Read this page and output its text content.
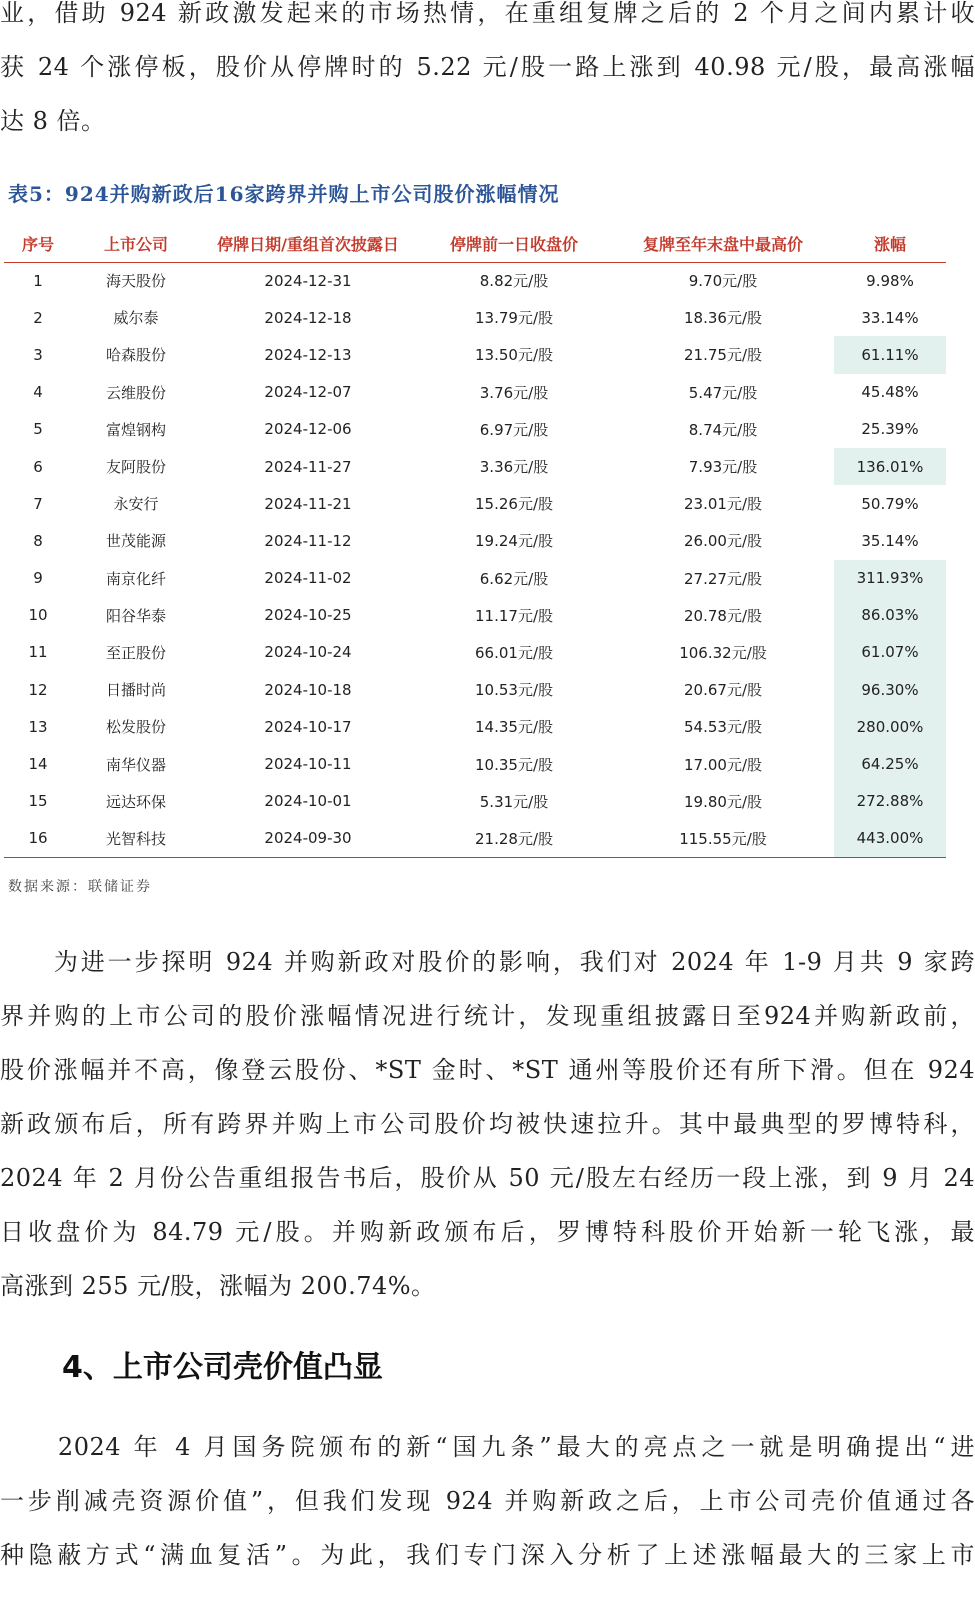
业，借助 924 新政激发起来的市场热情，在重组复牌之后的 2 个月之间内累计收
获 24 个涨停板，股价从停牌时的 5.22 元/股一路上涨到 40.98 元/股，最高涨幅
达 8 倍。

表5：924并购新政后16家跨界并购上市公司股价涨幅情况

序号	上市公司	停牌日期/重组首次披露日	停牌前一日收盘价	复牌至年末盘中最高价	涨幅
1	海天股份	2024-12-31	8.82元/股	9.70元/股	9.98%
2	威尔泰	2024-12-18	13.79元/股	18.36元/股	33.14%
3	哈森股份	2024-12-13	13.50元/股	21.75元/股	61.11%
4	云维股份	2024-12-07	3.76元/股	5.47元/股	45.48%
5	富煌钢构	2024-12-06	6.97元/股	8.74元/股	25.39%
6	友阿股份	2024-11-27	3.36元/股	7.93元/股	136.01%
7	永安行	2024-11-21	15.26元/股	23.01元/股	50.79%
8	世茂能源	2024-11-12	19.24元/股	26.00元/股	35.14%
9	南京化纤	2024-11-02	6.62元/股	27.27元/股	311.93%
10	阳谷华泰	2024-10-25	11.17元/股	20.78元/股	86.03%
11	至正股份	2024-10-24	66.01元/股	106.32元/股	61.07%
12	日播时尚	2024-10-18	10.53元/股	20.67元/股	96.30%
13	松发股份	2024-10-17	14.35元/股	54.53元/股	280.00%
14	南华仪器	2024-10-11	10.35元/股	17.00元/股	64.25%
15	远达环保	2024-10-01	5.31元/股	19.80元/股	272.88%
16	光智科技	2024-09-30	21.28元/股	115.55元/股	443.00%

数据来源：联储证券

　　为进一步探明 924 并购新政对股价的影响，我们对 2024 年 1-9 月共 9 家跨
界并购的上市公司的股价涨幅情况进行统计，发现重组披露日至924并购新政前，
股价涨幅并不高，像登云股份、*ST 金时、*ST 通州等股价还有所下滑。但在 924
新政颁布后，所有跨界并购上市公司股价均被快速拉升。其中最典型的罗博特科，
2024 年 2 月份公告重组报告书后，股价从 50 元/股左右经历一段上涨，到 9 月 24
日收盘价为 84.79 元/股。并购新政颁布后，罗博特科股价开始新一轮飞涨，最
高涨到 255 元/股，涨幅为 200.74%。
4、上市公司壳价值凸显
　　2024 年 4 月国务院颁布的新“国九条”最大的亮点之一就是明确提出“进
一步削减壳资源价值”，但我们发现 924 并购新政之后，上市公司壳价值通过各
种隐蔽方式“满血复活”。为此，我们专门深入分析了上述涨幅最大的三家上市
